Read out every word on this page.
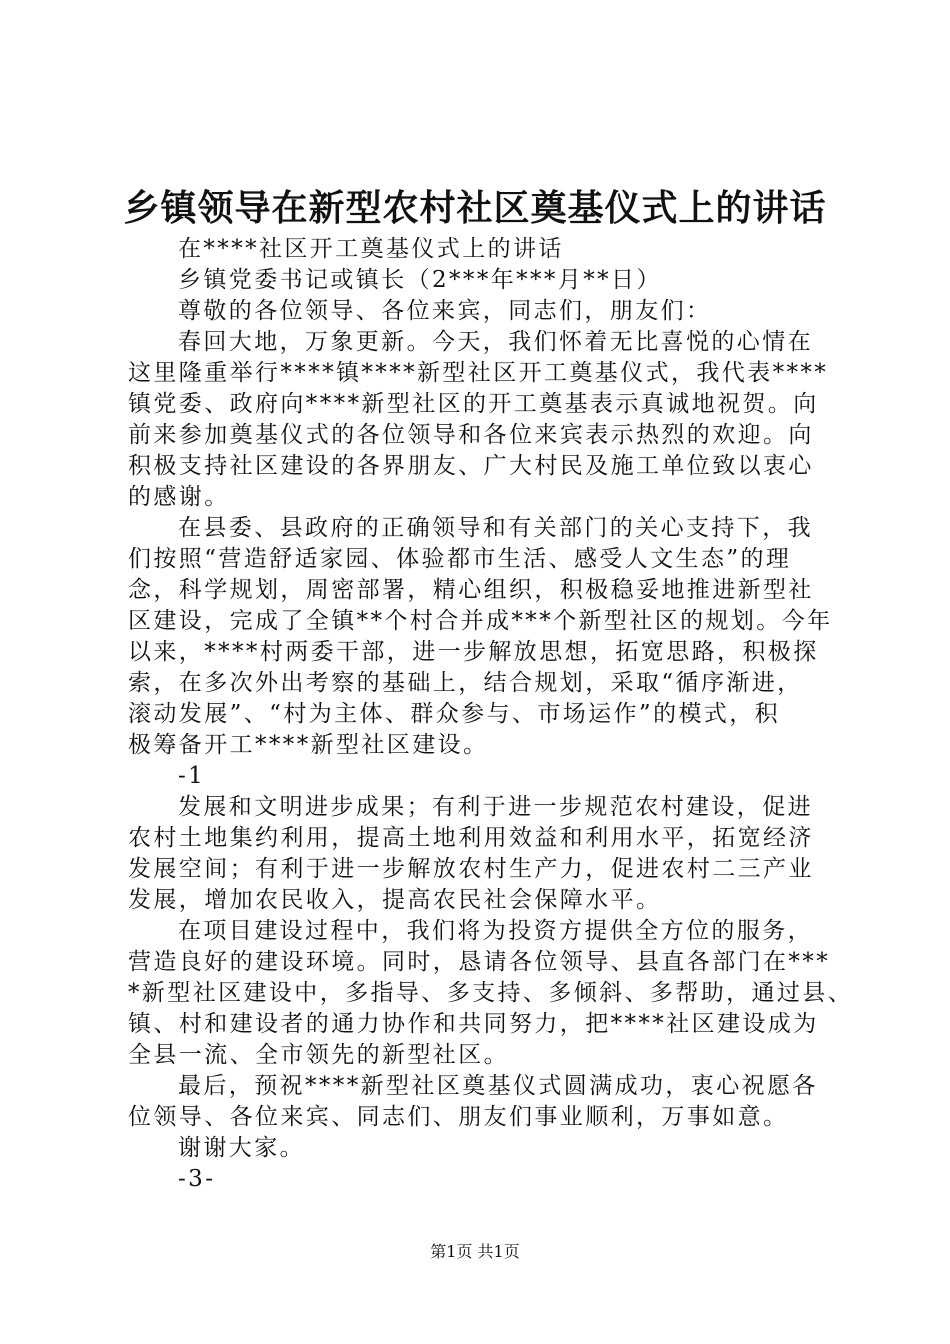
乡镇领导在新型农村社区奠基仪式上的讲话
在****社区开工奠基仪式上的讲话
乡镇党委书记或镇长（2***年***月**日）
尊敬的各位领导、各位来宾，同志们，朋友们：
春回大地，万象更新。今天，我们怀着无比喜悦的心情在
这里隆重举行****镇****新型社区开工奠基仪式，我代表****
镇党委、政府向****新型社区的开工奠基表示真诚地祝贺。向
前来参加奠基仪式的各位领导和各位来宾表示热烈的欢迎。向
积极支持社区建设的各界朋友、广大村民及施工单位致以衷心
的感谢。
在县委、县政府的正确领导和有关部门的关心支持下，我
们按照“营造舒适家园、体验都市生活、感受人文生态”的理
念，科学规划，周密部署，精心组织，积极稳妥地推进新型社
区建设，完成了全镇**个村合并成***个新型社区的规划。今年
以来，****村两委干部，进一步解放思想，拓宽思路，积极探
索，在多次外出考察的基础上，结合规划，采取“循序渐进，
滚动发展”、“村为主体、群众参与、市场运作”的模式，积
极筹备开工****新型社区建设。
-1
发展和文明进步成果；有利于进一步规范农村建设，促进
农村土地集约利用，提高土地利用效益和利用水平，拓宽经济
发展空间；有利于进一步解放农村生产力，促进农村二三产业
发展，增加农民收入，提高农民社会保障水平。
在项目建设过程中，我们将为投资方提供全方位的服务，
营造良好的建设环境。同时，恳请各位领导、县直各部门在***
*新型社区建设中，多指导、多支持、多倾斜、多帮助，通过县、
镇、村和建设者的通力协作和共同努力，把****社区建设成为
全县一流、全市领先的新型社区。
最后，预祝****新型社区奠基仪式圆满成功，衷心祝愿各
位领导、各位来宾、同志们、朋友们事业顺利，万事如意。
谢谢大家。
-3-
第1页 共1页
